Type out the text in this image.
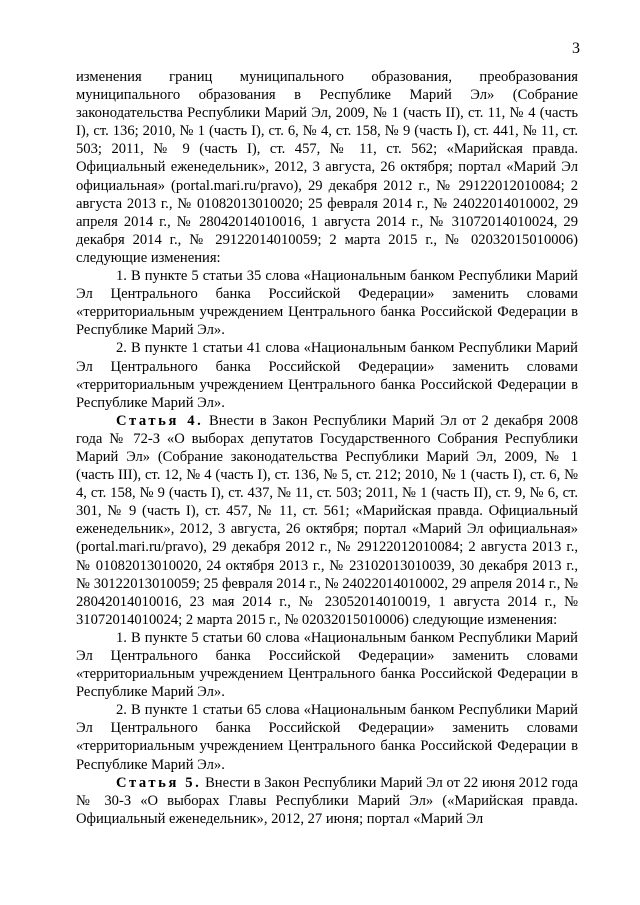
3

изменения границ муниципального образования, преобразования муниципального образования в Республике Марий Эл» (Собрание законодательства Республики Марий Эл, 2009, № 1 (часть II), ст. 11, № 4 (часть I), ст. 136; 2010, № 1 (часть I), ст. 6, № 4, ст. 158, № 9 (часть I), ст. 441, № 11, ст. 503; 2011, № 9 (часть I), ст. 457, № 11, ст. 562; «Марийская правда. Официальный еженедельник», 2012, 3 августа, 26 октября; портал «Марий Эл официальная» (portal.mari.ru/pravo), 29 декабря 2012 г., № 29122012010084; 2 августа 2013 г., № 01082013010020; 25 февраля 2014 г., № 24022014010002, 29 апреля 2014 г., № 28042014010016, 1 августа 2014 г., № 31072014010024, 29 декабря 2014 г., № 29122014010059; 2 марта 2015 г., № 02032015010006) следующие изменения:

1. В пункте 5 статьи 35 слова «Национальным банком Республики Марий Эл Центрального банка Российской Федерации» заменить словами «территориальным учреждением Центрального банка Российской Федерации в Республике Марий Эл».

2. В пункте 1 статьи 41 слова «Национальным банком Республики Марий Эл Центрального банка Российской Федерации» заменить словами «территориальным учреждением Центрального банка Российской Федерации в Республике Марий Эл».

Статья 4. Внести в Закон Республики Марий Эл от 2 декабря 2008 года № 72-З «О выборах депутатов Государственного Собрания Республики Марий Эл» (Собрание законодательства Республики Марий Эл, 2009, № 1 (часть III), ст. 12, № 4 (часть I), ст. 136, № 5, ст. 212; 2010, № 1 (часть I), ст. 6, № 4, ст. 158, № 9 (часть I), ст. 437, № 11, ст. 503; 2011, № 1 (часть II), ст. 9, № 6, ст. 301, № 9 (часть I), ст. 457, № 11, ст. 561; «Марийская правда. Официальный еженедельник», 2012, 3 августа, 26 октября; портал «Марий Эл официальная» (portal.mari.ru/pravo), 29 декабря 2012 г., № 29122012010084; 2 августа 2013 г., № 01082013010020, 24 октября 2013 г., № 23102013010039, 30 декабря 2013 г., № 30122013010059; 25 февраля 2014 г., № 24022014010002, 29 апреля 2014 г., № 28042014010016, 23 мая 2014 г., № 23052014010019, 1 августа 2014 г., № 31072014010024; 2 марта 2015 г., № 02032015010006) следующие изменения:

1. В пункте 5 статьи 60 слова «Национальным банком Республики Марий Эл Центрального банка Российской Федерации» заменить словами «территориальным учреждением Центрального банка Российской Федерации в Республике Марий Эл».

2. В пункте 1 статьи 65 слова «Национальным банком Республики Марий Эл Центрального банка Российской Федерации» заменить словами «территориальным учреждением Центрального банка Российской Федерации в Республике Марий Эл».

Статья 5. Внести в Закон Республики Марий Эл от 22 июня 2012 года № 30-З «О выборах Главы Республики Марий Эл» («Марийская правда. Официальный еженедельник», 2012, 27 июня; портал «Марий Эл
